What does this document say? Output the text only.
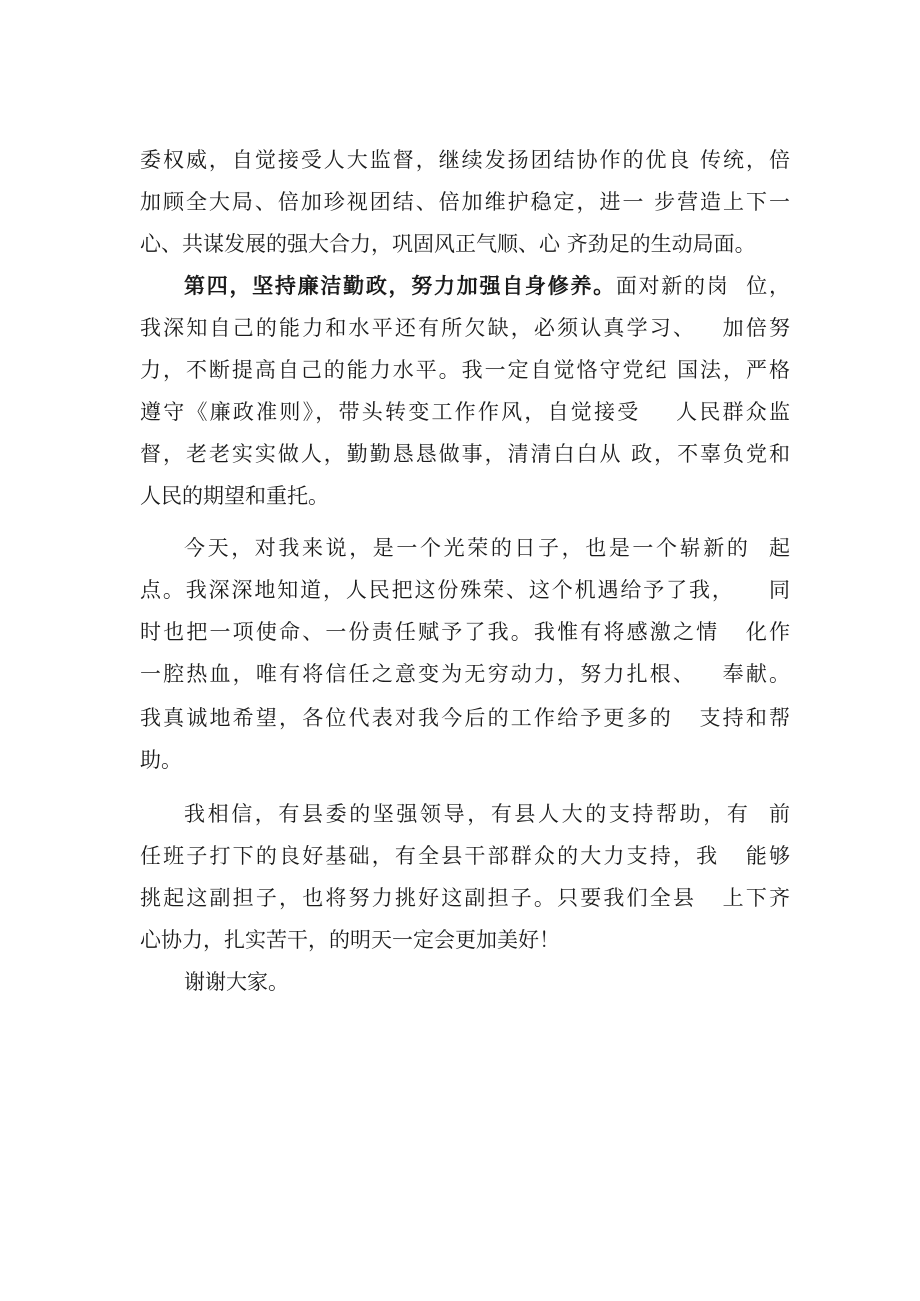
委权威，自觉接受人大监督，继续发扬团结协作的优良 传统，倍

加顾全大局、倍加珍视团结、倍加维护稳定，进一 步营造上下一

心、共谋发展的强大合力，巩固风正气顺、心 齐劲足的生动局面。

第四，坚持廉洁勤政，努力加强自身修养。面对新的岗  位，

我深知自己的能力和水平还有所欠缺，必须认真学习、   加倍努

力，不断提高自己的能力水平。我一定自觉恪守党纪 国法，严格

遵守《廉政准则》，带头转变工作作风，自觉接受    人民群众监

督，老老实实做人，勤勤恳恳做事，清清白白从 政，不辜负党和

人民的期望和重托。

今天，对我来说，是一个光荣的日子，也是一个崭新的  起

点。我深深地知道，人民把这份殊荣、这个机遇给予了我，    同

时也把一项使命、一份责任赋予了我。我惟有将感激之情   化作

一腔热血，唯有将信任之意变为无穷动力，努力扎根、   奉献。

我真诚地希望，各位代表对我今后的工作给予更多的   支持和帮

助。

我相信，有县委的坚强领导，有县人大的支持帮助，有  前

任班子打下的良好基础，有全县干部群众的大力支持，我   能够

挑起这副担子，也将努力挑好这副担子。只要我们全县   上下齐

心协力，扎实苦干，的明天一定会更加美好！

谢谢大家。
